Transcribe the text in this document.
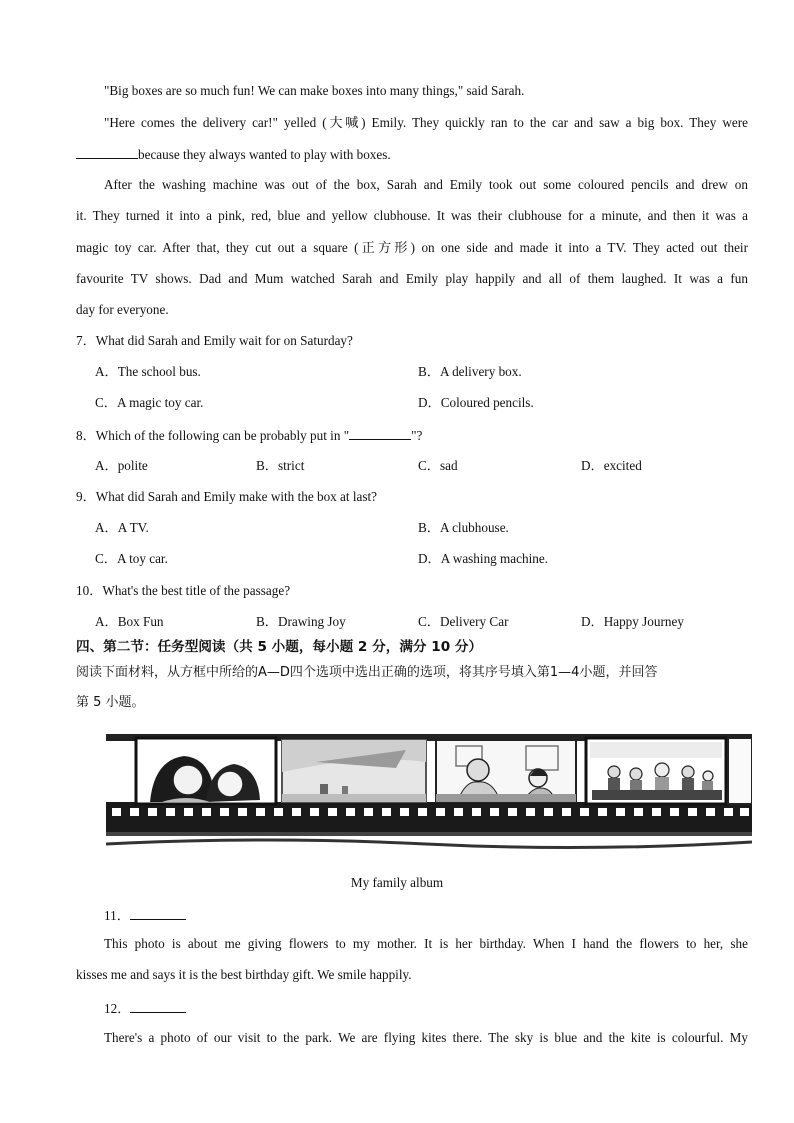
"Big boxes are so much fun! We can make boxes into many things," said Sarah.
"Here comes the delivery car!" yelled (大喊) Emily. They quickly ran to the car and saw a big box. They were
because they always wanted to play with boxes.
After the washing machine was out of the box, Sarah and Emily took out some coloured pencils and drew on
it. They turned it into a pink, red, blue and yellow clubhouse. It was their clubhouse for a minute, and then it was a
magic toy car. After that, they cut out a square (正方形) on one side and made it into a TV. They acted out their
favourite TV shows. Dad and Mum watched Sarah and Emily play happily and all of them laughed. It was a fun
day for everyone.
7．What did Sarah and Emily wait for on Saturday?
A．The school bus.	B．A delivery box.
C．A magic toy car.	D．Coloured pencils.
8．Which of the following can be probably put in "	"?
A．polite	B．strict	C．sad	D．excited
9．What did Sarah and Emily make with the box at last?
A．A TV.	B．A clubhouse.
C．A toy car.	D．A washing machine.
10．What's the best title of the passage?
A．Box Fun	B．Drawing Joy	C．Delivery Car	D．Happy Journey
四、第二节：任务型阅读（共 5 小题，每小题 2 分，满分 10 分）
阅读下面材料，从方框中所给的A—D四个选项中选出正确的选项，将其序号填入第1—4小题，并回答
第 5 小题。
My family album
11．
This photo is about me giving flowers to my mother. It is her birthday. When I hand the flowers to her, she
kisses me and says it is the best birthday gift. We smile happily.
12．
There's a photo of our visit to the park. We are flying kites there. The sky is blue and the kite is colourful. My
